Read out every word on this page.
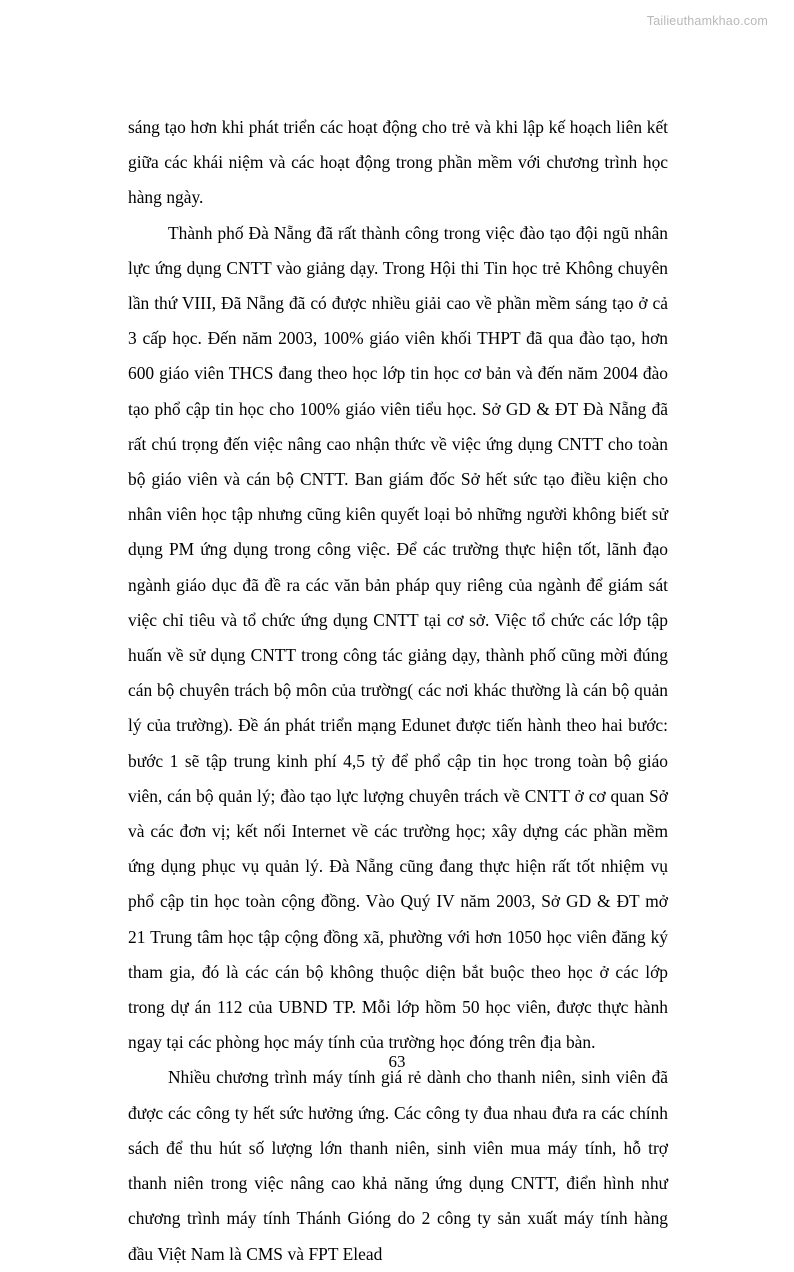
Tailieuthamkhao.com

sáng tạo hơn khi phát triển các hoạt động cho trẻ và khi lập kế hoạch liên kết giữa các khái niệm và các hoạt động trong phần mềm với chương trình học hàng ngày.

Thành phố Đà Nẵng đã rất thành công trong việc đào tạo đội ngũ nhân lực ứng dụng CNTT vào giảng dạy. Trong Hội thi Tin học trẻ Không chuyên lần thứ VIII, Đã Nẵng đã có được nhiều giải cao về phần mềm sáng tạo ở cả 3 cấp học. Đến năm 2003, 100% giáo viên khối THPT đã qua đào tạo, hơn 600 giáo viên THCS đang theo học lớp tin học cơ bản và đến năm 2004 đào tạo phổ cập tin học cho 100% giáo viên tiểu học. Sở GD & ĐT Đà Nẵng đã rất chú trọng đến việc nâng cao nhận thức về việc ứng dụng CNTT cho toàn bộ giáo viên và cán bộ CNTT. Ban giám đốc Sở hết sức tạo điều kiện cho nhân viên học tập nhưng cũng kiên quyết loại bỏ những người không biết sử dụng PM ứng dụng trong công việc. Để các trường thực hiện tốt, lãnh đạo ngành giáo dục đã đề ra các văn bản pháp quy riêng của ngành để giám sát việc chỉ tiêu và tổ chức ứng dụng CNTT tại cơ sở. Việc tổ chức các lớp tập huấn về sử dụng CNTT trong công tác giảng dạy, thành phố cũng mời đúng cán bộ chuyên trách bộ môn của trường( các nơi khác thường là cán bộ quản lý của trường). Đề án phát triển mạng Edunet được tiến hành theo hai bước: bước 1 sẽ tập trung kinh phí 4,5 tỷ để phổ cập tin học trong toàn bộ giáo viên, cán bộ quản lý; đào tạo lực lượng chuyên trách về CNTT ở cơ quan Sở và các đơn vị; kết nối Internet về các trường học; xây dựng các phần mềm ứng dụng phục vụ quản lý. Đà Nẵng cũng đang thực hiện rất tốt nhiệm vụ phổ cập tin học toàn cộng đồng. Vào Quý IV năm 2003, Sở GD & ĐT mở 21 Trung tâm học tập cộng đồng xã, phường với hơn 1050 học viên đăng ký tham gia, đó là các cán bộ không thuộc diện bắt buộc theo học ở các lớp trong dự án 112 của UBND TP. Mỗi lớp hồm 50 học viên, được thực hành ngay tại các phòng học máy tính của trường học đóng trên địa bàn.

Nhiều chương trình máy tính giá rẻ dành cho thanh niên, sinh viên đã được các công ty hết sức hưởng ứng. Các công ty đua nhau đưa ra các chính sách để thu hút số lượng lớn thanh niên, sinh viên mua máy tính, hỗ trợ thanh niên trong việc nâng cao khả năng ứng dụng CNTT, điển hình như chương trình máy tính Thánh Gióng do 2 công ty sản xuất máy tính hàng đầu Việt Nam là CMS và FPT Elead

63
